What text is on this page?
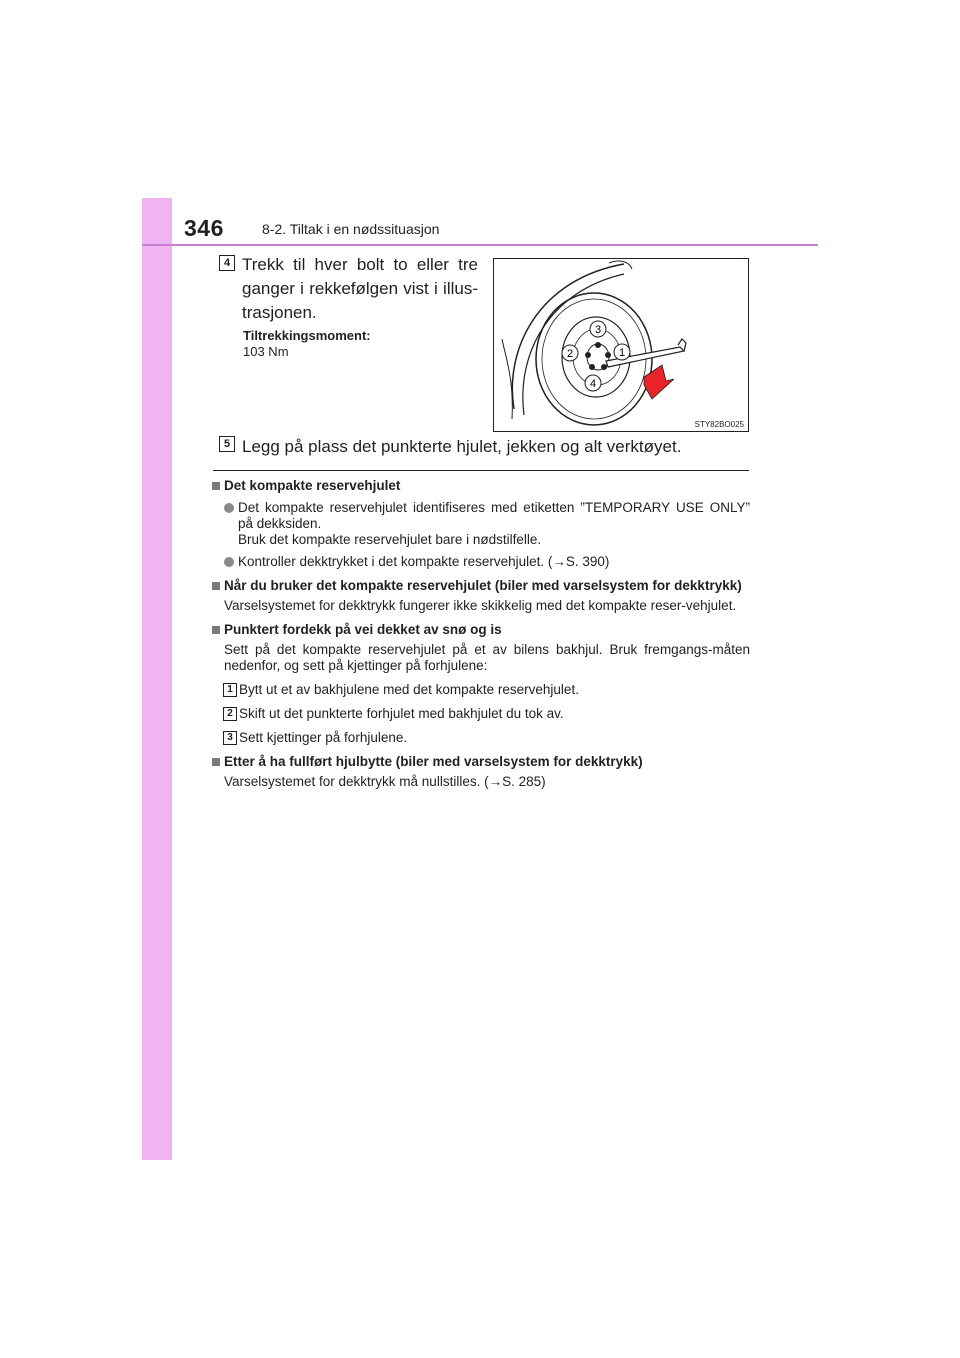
346	8-2. Tiltak i en nødssituasjon
4 Trekk til hver bolt to eller tre ganger i rekkefølgen vist i illus-trasjonen.

Tiltrekkingsmoment:
103 Nm	1
2
3
4
STY82BO025
5 Legg på plass det punkterte hjulet, jekken og alt verktøyet.
Det kompakte reservehjulet
Det kompakte reservehjulet identifiseres med etiketten ”TEMPORARY USE ONLY” på dekksiden.
Bruk det kompakte reservehjulet bare i nødstilfelle.
Kontroller dekktrykket i det kompakte reservehjulet. (→S. 390)
Når du bruker det kompakte reservehjulet (biler med varselsystem for dekktrykk)
Varselsystemet for dekktrykk fungerer ikke skikkelig med det kompakte reser-vehjulet.
Punktert fordekk på vei dekket av snø og is
Sett på det kompakte reservehjulet på et av bilens bakhjul. Bruk fremgangs-måten nedenfor, og sett på kjettinger på forhjulene:
1 Bytt ut et av bakhjulene med det kompakte reservehjulet.
2 Skift ut det punkterte forhjulet med bakhjulet du tok av.
3 Sett kjettinger på forhjulene.
Etter å ha fullført hjulbytte (biler med varselsystem for dekktrykk)
Varselsystemet for dekktrykk må nullstilles. (→S. 285)
